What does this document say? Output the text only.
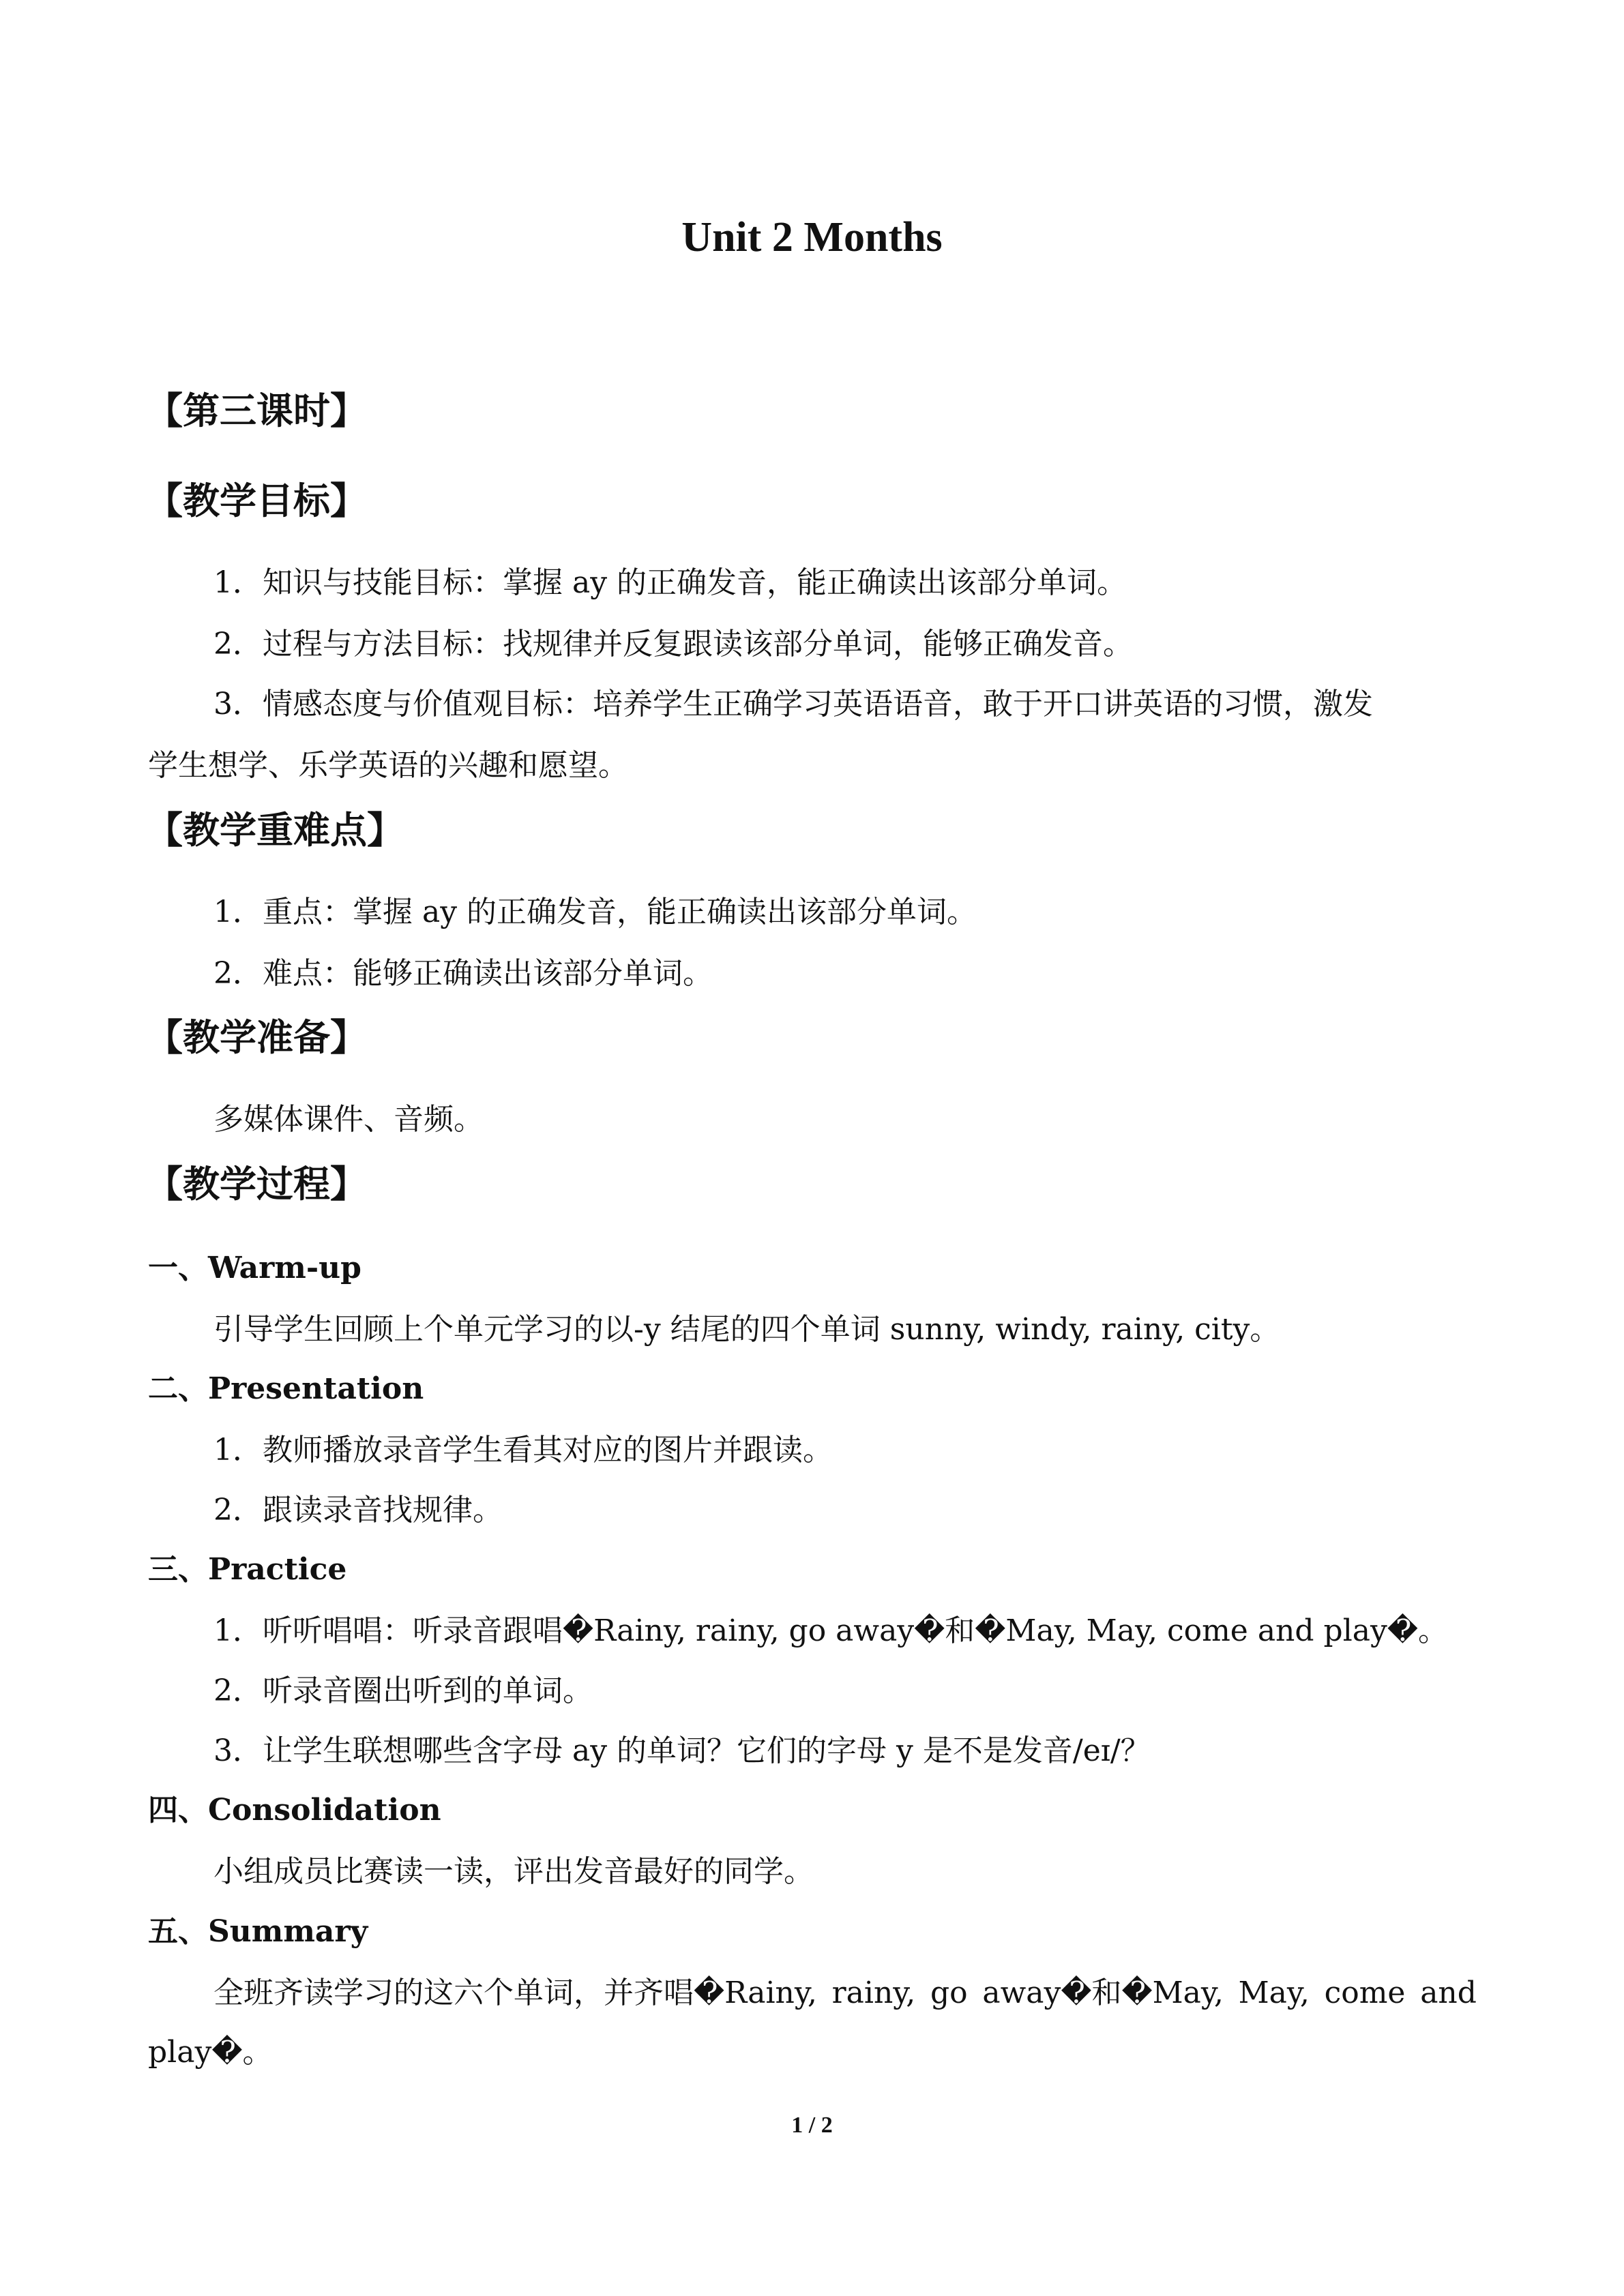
Unit 2 Months
【第三课时】
【教学目标】
1．知识与技能目标：掌握 ay 的正确发音，能正确读出该部分单词。
2．过程与方法目标：找规律并反复跟读该部分单词，能够正确发音。
3．情感态度与价值观目标：培养学生正确学习英语语音，敢于开口讲英语的习惯，激发
学生想学、乐学英语的兴趣和愿望。
【教学重难点】
1．重点：掌握 ay 的正确发音，能正确读出该部分单词。
2．难点：能够正确读出该部分单词。
【教学准备】
多媒体课件、音频。
【教学过程】
一、Warm-up
引导学生回顾上个单元学习的以-y 结尾的四个单词 sunny, windy, rainy, city。
二、Presentation
1．教师播放录音学生看其对应的图片并跟读。
2．跟读录音找规律。
三、Practice
1．听听唱唱：听录音跟唱�Rainy, rainy, go away�和�May, May, come and play�。
2．听录音圈出听到的单词。
3．让学生联想哪些含字母 ay 的单词？它们的字母 y 是不是发音/eɪ/？
四、Consolidation
小组成员比赛读一读，评出发音最好的同学。
五、Summary
全班齐读学习的这六个单词，并齐唱�Rainy, rainy, go away�和�May, May, come and
play�。
1 / 2
